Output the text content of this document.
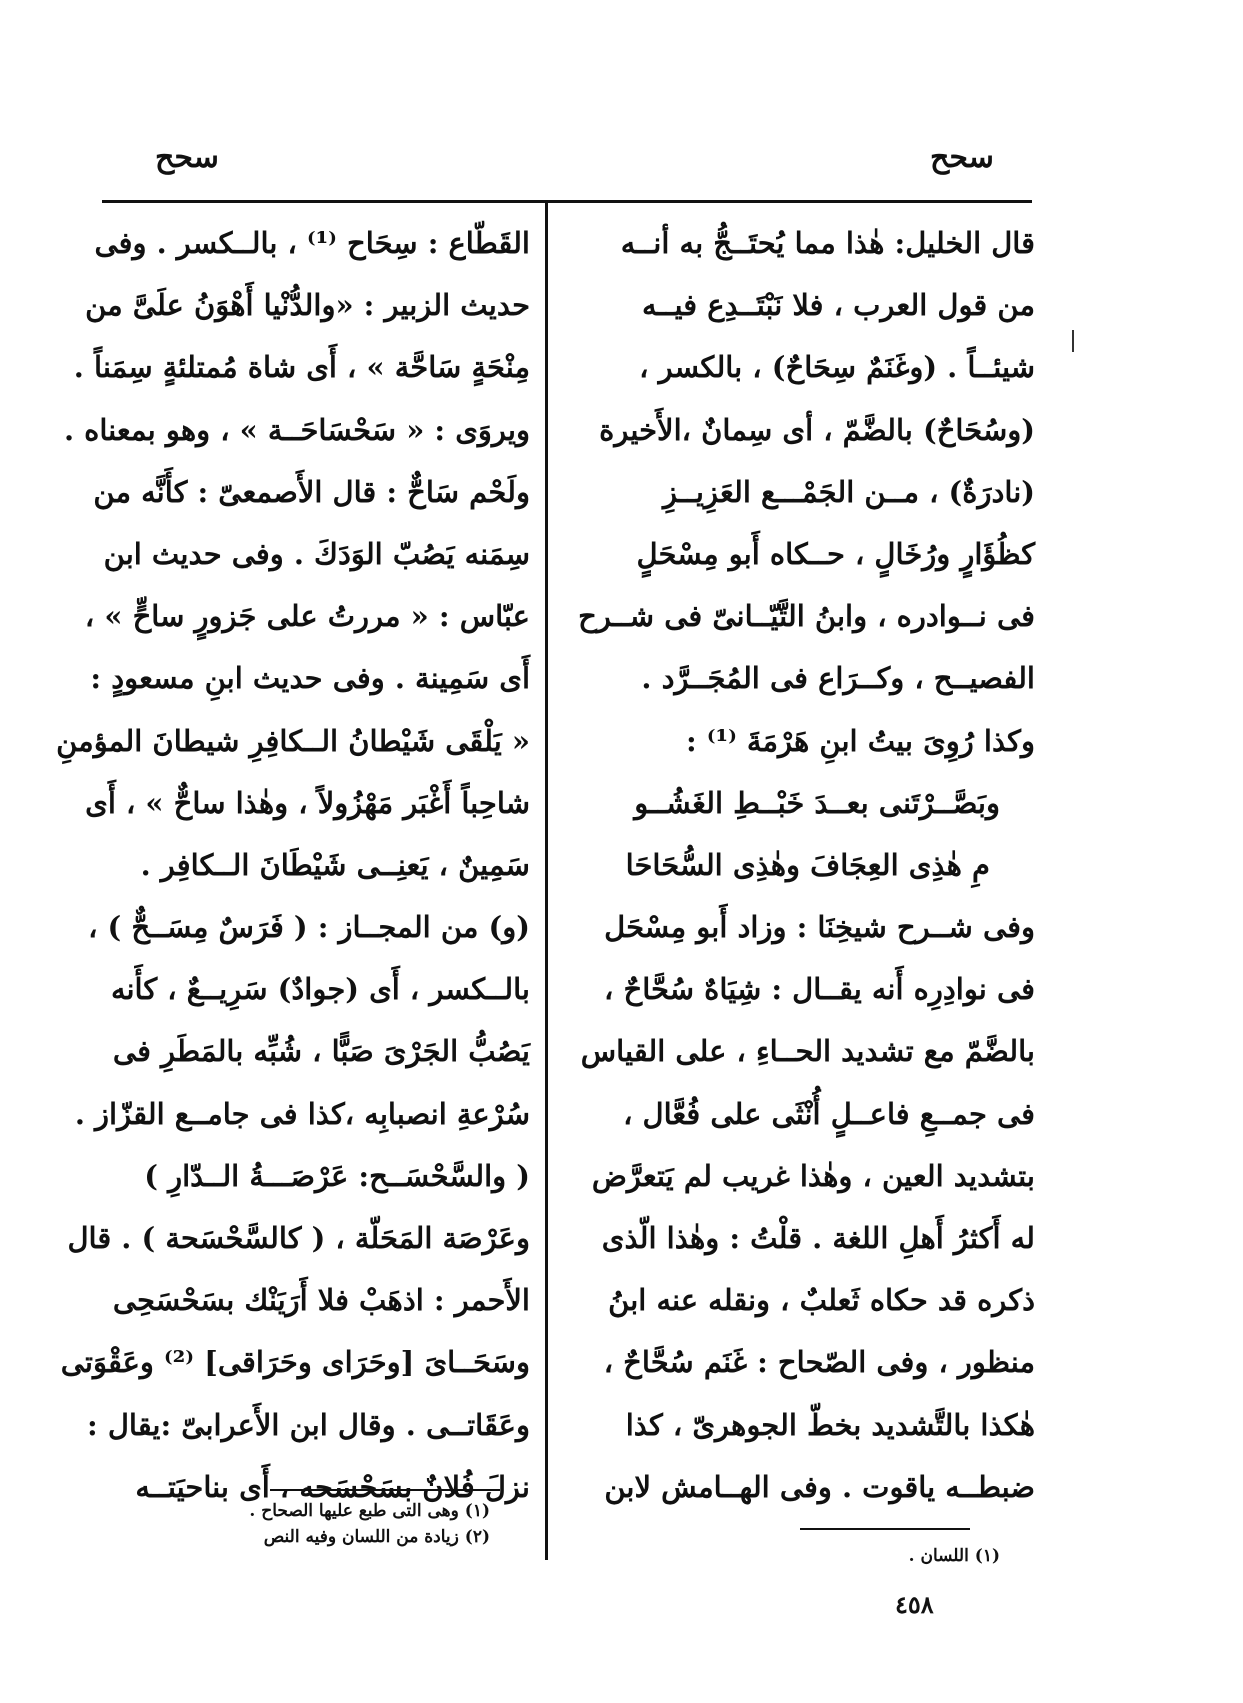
سحح
سحح
قال الخليل: هٰذا مما يُحتَــجُّ به أنــه
من قول العرب ، فلا نَبْتَــدِع فيــه
شيئــاً . (وغَنَمٌ سِحَاحٌ) ، بالكسر ،
(وسُحَاحٌ) بالضَّمّ ، أى سِمانٌ ،الأَخيرة
(نادرَةٌ) ، مــن الجَمْـــع العَزِيــزِ
كظُؤَارٍ ورُخَالٍ ، حــكاه أَبو مِسْحَلٍ
فى نــوادره ، وابنُ التَّيّــانىّ فى شــرح
الفصيــح ، وكــرَاع فى المُجَــرَّد .
وكذا رُوِىَ بيتُ ابنِ هَرْمَةَ ⁽¹⁾ :
وبَصَّــرْتَنى بعــدَ خَبْــطِ الغَشُــو
مِ هٰذِى العِجَافَ وهٰذِى السُّحَاحَا
وفى شــرح شيخِنَا : وزاد أَبو مِسْحَل
فى نوادِرِه أَنه يقــال : شِيَاهٌ سُحَّاحٌ ،
بالضَّمّ مع تشديد الحــاءِ ، على القياس
فى جمــعِ فاعــلٍ أُنْثَى على فُعَّال ،
بتشديد العين ، وهٰذا غريب لم يَتعرَّض
له أَكثرُ أَهلِ اللغة . قلْتُ : وهٰذا الّذى
ذكره قد حكاه ثَعلبٌ ، ونقله عنه ابنُ
منظور ، وفى الصّحاح : غَنَم سُحَّاحٌ ،
هٰكذا بالتَّشديد بخطّ الجوهرىّ ، كذا
ضبطــه ياقوت . وفى الهــامش لابن
القَطّاع : سِحَاح ⁽¹⁾ ، بالــكسر . وفى
حديث الزبير : «والدُّنْيا أَهْوَنُ علَىَّ من
مِنْحَةٍ سَاحَّة » ، أَى شاة مُمتلئةٍ سِمَناً .
ويروَى : « سَحْسَاحَــة » ، وهو بمعناه .
ولَحْم سَاحٌّ : قال الأَصمعىّ : كأَنَّه من
سِمَنه يَصُبّ الوَدَكَ . وفى حديث ابن
عبّاس : « مررتُ على جَزورٍ ساحٍّ » ،
أَى سَمِينة . وفى حديث ابنِ مسعودٍ :
« يَلْقَى شَيْطانُ الــكافِرِ شيطانَ المؤمنِ
شاحِباً أَغْبَر مَهْزُولاً ، وهٰذا ساحٌّ » ، أَى
سَمِينٌ ، يَعنِــى شَيْطَانَ الــكافِر .
(و) من المجــاز : ( فَرَسٌ مِسَــحٌّ ) ،
بالــكسر ، أَى (جوادٌ) سَرِيــعٌ ، كأَنه
يَصُبُّ الجَرْىَ صَبًّا ، شُبِّه بالمَطَرِ فى
سُرْعةِ انصبابِه ،كذا فى جامــع القزّاز .
( والسَّحْسَــح: عَرْصَـــةُ الــدّارِ )
وعَرْصَة المَحَلّة ، ( كالسَّحْسَحة ) . قال
الأَحمر : اذهَبْ فلا أَرَيَنْك بسَحْسَحِى
وسَحَــاىَ [وحَرَاى وحَرَاقى] ⁽²⁾ وعَقْوَتى
وعَقَاتــى . وقال ابن الأَعرابىّ :يقال :
نزلَ فُلانٌ بسَحْسَحه ، أَى بناحيَتــه
(١) وهى التى طبع عليها الصحاح .
(٢) زيادة من اللسان وفيه النص
(١) اللسان .
٤٥٨
